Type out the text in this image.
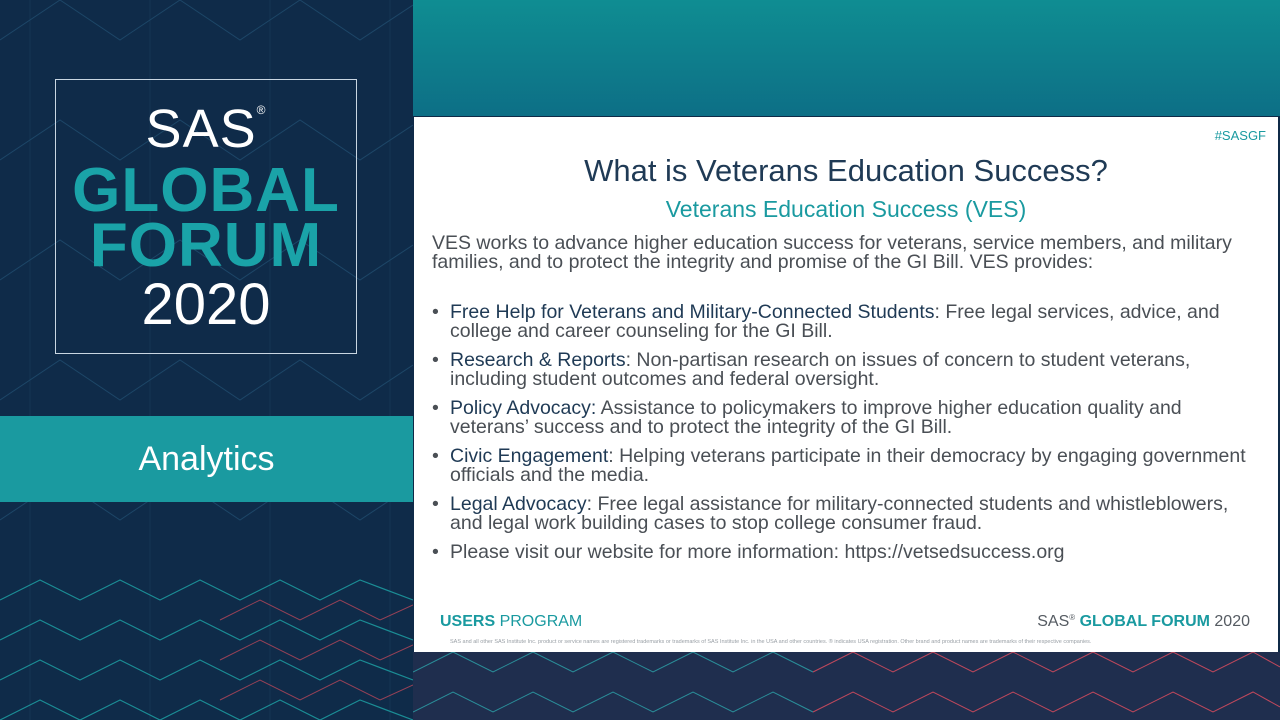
SAS®
GLOBAL
FORUM
2020
Analytics
#SASGF
What is Veterans Education Success?
Veterans Education Success (VES)
VES works to advance higher education success for veterans, service members, and military families, and to protect the integrity and promise of the GI Bill. VES provides:
• Free Help for Veterans and Military-Connected Students: Free legal services, advice, and college and career counseling for the GI Bill.
• Research & Reports: Non-partisan research on issues of concern to student veterans, including student outcomes and federal oversight.
• Policy Advocacy: Assistance to policymakers to improve higher education quality and veterans’ success and to protect the integrity of the GI Bill.
• Civic Engagement: Helping veterans participate in their democracy by engaging government officials and the media.
• Legal Advocacy: Free legal assistance for military-connected students and whistleblowers, and legal work building cases to stop college consumer fraud.
• Please visit our website for more information: https://vetsedsuccess.org
USERS PROGRAM	SAS® GLOBAL FORUM 2020
SAS and all other SAS Institute Inc. product or service names are registered trademarks or trademarks of SAS Institute Inc. in the USA and other countries. ® indicates USA registration. Other brand and product names are trademarks of their respective companies.
